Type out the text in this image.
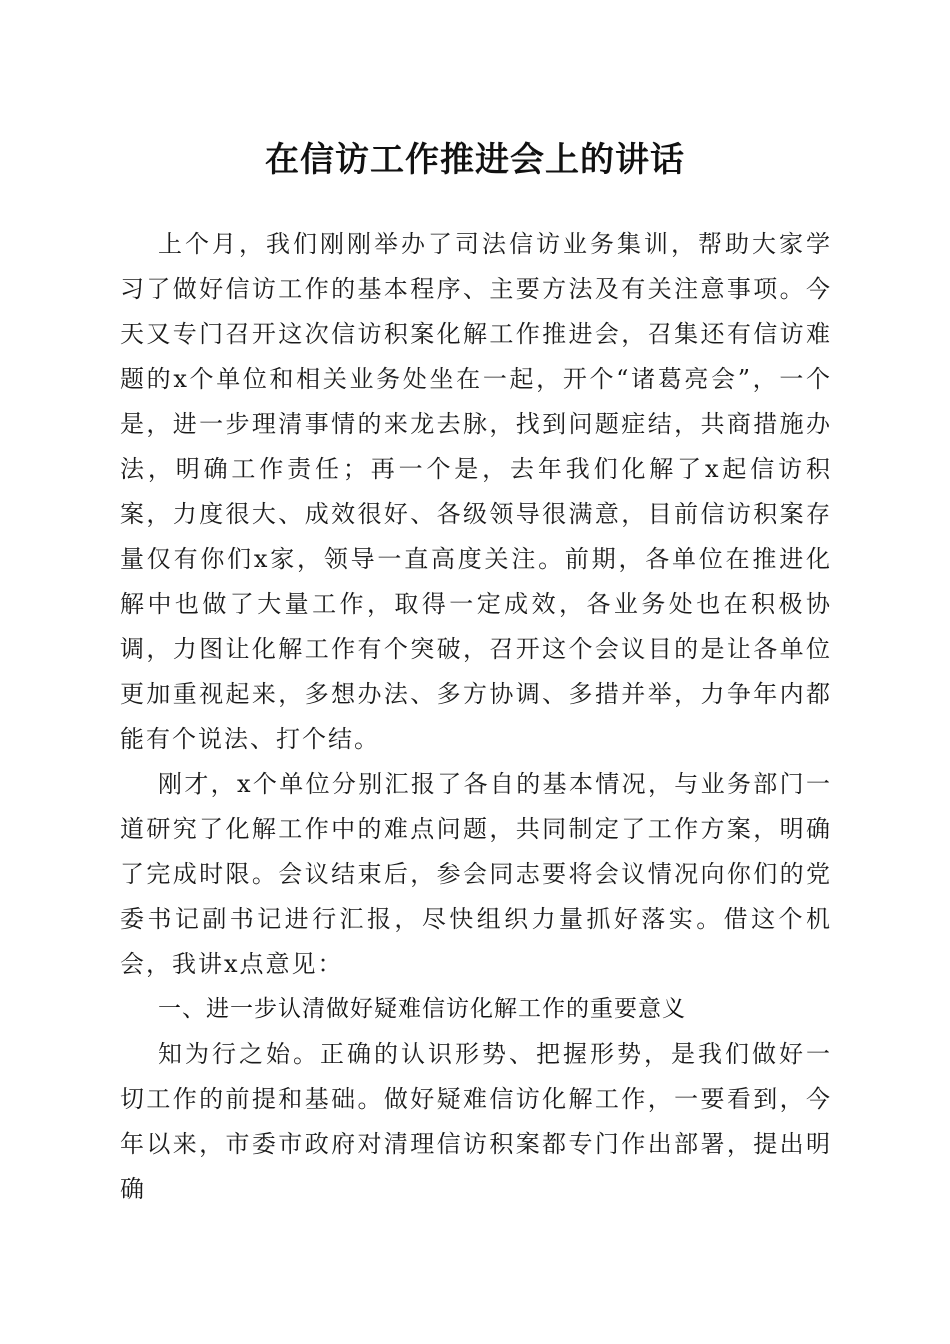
在信访工作推进会上的讲话

上个月，我们刚刚举办了司法信访业务集训，帮助大家学习了做好信访工作的基本程序、主要方法及有关注意事项。今天又专门召开这次信访积案化解工作推进会，召集还有信访难题的x个单位和相关业务处坐在一起，开个“诸葛亮会”，一个是，进一步理清事情的来龙去脉，找到问题症结，共商措施办法，明确工作责任；再一个是，去年我们化解了x起信访积案，力度很大、成效很好、各级领导很满意，目前信访积案存量仅有你们x家，领导一直高度关注。前期，各单位在推进化解中也做了大量工作，取得一定成效，各业务处也在积极协调，力图让化解工作有个突破，召开这个会议目的是让各单位更加重视起来，多想办法、多方协调、多措并举，力争年内都能有个说法、打个结。

刚才，x个单位分别汇报了各自的基本情况，与业务部门一道研究了化解工作中的难点问题，共同制定了工作方案，明确了完成时限。会议结束后，参会同志要将会议情况向你们的党委书记副书记进行汇报，尽快组织力量抓好落实。借这个机会，我讲x点意见：

一、进一步认清做好疑难信访化解工作的重要意义

知为行之始。正确的认识形势、把握形势，是我们做好一切工作的前提和基础。做好疑难信访化解工作，一要看到，今年以来，市委市政府对清理信访积案都专门作出部署，提出明确
